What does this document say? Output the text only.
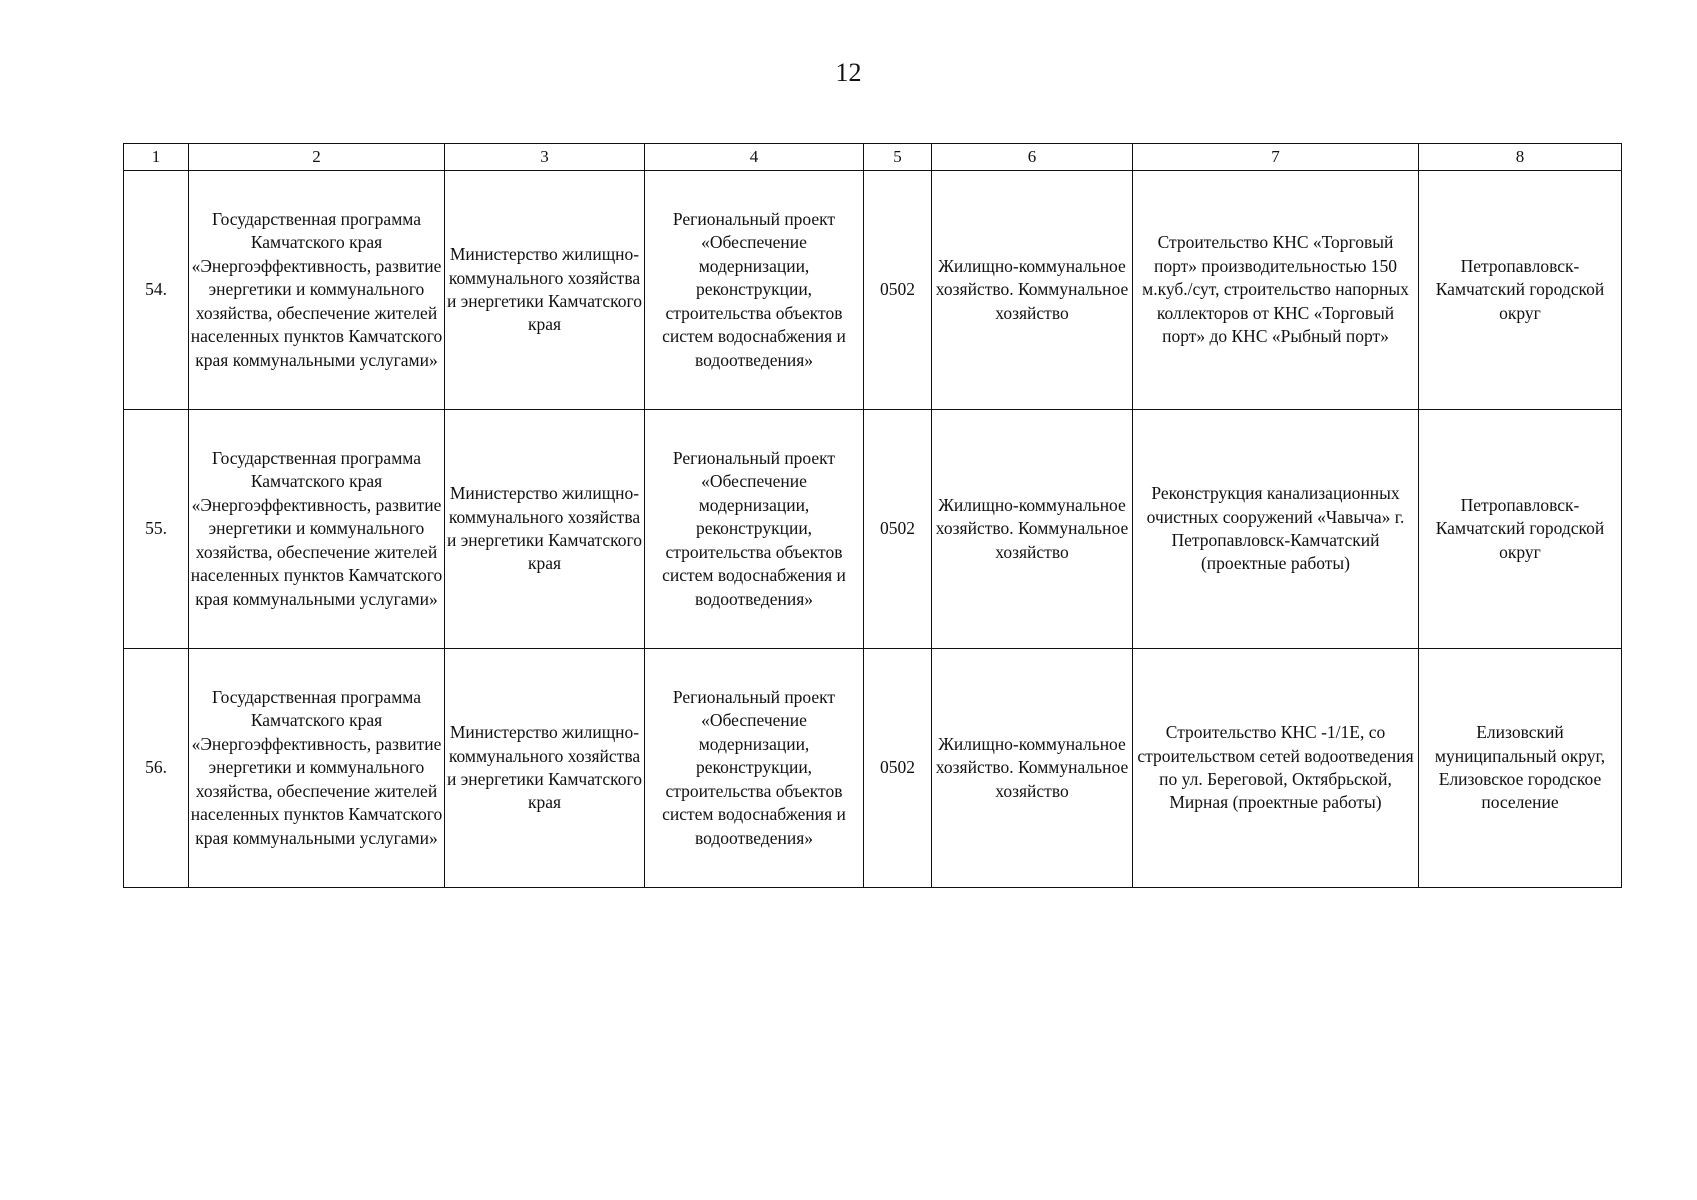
12
1	2	3	4	5	6	7	8
54.	Государственная программа Камчатского края «Энергоэффективность, развитие энергетики и коммунального хозяйства, обеспечение жителей населенных пунктов Камчатского края коммунальными услугами»	Министерство жилищно-коммунального хозяйства и энергетики Камчатского края	Региональный проект «Обеспечение модернизации, реконструкции, строительства объектов систем водоснабжения и водоотведения»	0502	Жилищно-коммунальное хозяйство. Коммунальное хозяйство	Строительство КНС «Торговый порт» производительностью 150 м.куб./сут, строительство напорных коллекторов от КНС «Торговый порт» до КНС «Рыбный порт»	Петропавловск-Камчатский городской округ
55.	Государственная программа Камчатского края «Энергоэффективность, развитие энергетики и коммунального хозяйства, обеспечение жителей населенных пунктов Камчатского края коммунальными услугами»	Министерство жилищно-коммунального хозяйства и энергетики Камчатского края	Региональный проект «Обеспечение модернизации, реконструкции, строительства объектов систем водоснабжения и водоотведения»	0502	Жилищно-коммунальное хозяйство. Коммунальное хозяйство	Реконструкция канализационных очистных сооружений «Чавыча» г. Петропавловск-Камчатский (проектные работы)	Петропавловск-Камчатский городской округ
56.	Государственная программа Камчатского края «Энергоэффективность, развитие энергетики и коммунального хозяйства, обеспечение жителей населенных пунктов Камчатского края коммунальными услугами»	Министерство жилищно-коммунального хозяйства и энергетики Камчатского края	Региональный проект «Обеспечение модернизации, реконструкции, строительства объектов систем водоснабжения и водоотведения»	0502	Жилищно-коммунальное хозяйство. Коммунальное хозяйство	Строительство КНС -1/1Е, со строительством сетей водоотведения по ул. Береговой, Октябрьской, Мирная (проектные работы)	Елизовский муниципальный округ, Елизовское городское поселение
